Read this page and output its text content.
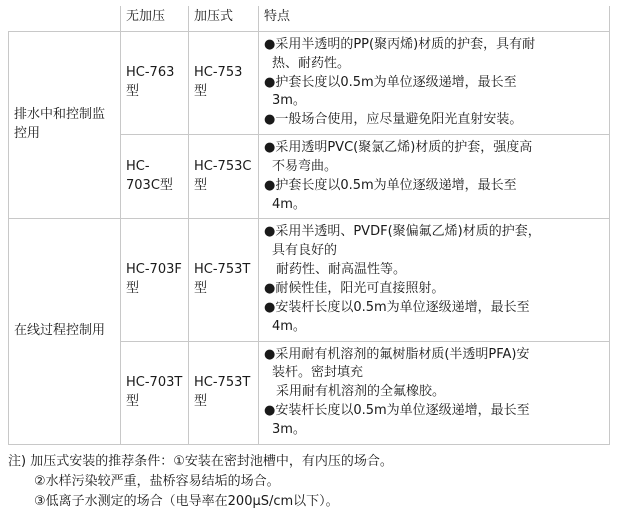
	无加压	加压式	特点
排水中和控制监控用	HC-763型	HC-753型	●采用半透明的PP(聚丙烯)材质的护套，具有耐
热、耐药性。
●护套长度以0.5m为单位逐级递增，最长至
3m。
●一般场合使用，应尽量避免阳光直射安装。

	HC-703C型	HC-753C型	●采用透明PVC(聚氯乙烯)材质的护套，强度高
不易弯曲。
●护套长度以0.5m为单位逐级递增，最长至
4m。

在线过程控制用	HC-703F型	HC-753T型	
●采用半透明、PVDF(聚偏氟乙烯)材质的护套，
具有良好的
耐药性、耐高温性等。
●耐候性佳，阳光可直接照射。
●安装杆长度以0.5m为单位逐级递增，最长至
4m。

	HC-703T型	HC-753T型	●采用耐有机溶剂的氟树脂材质(半透明PFA)安
装杆。密封填充
采用耐有机溶剂的全氟橡胶。
●安装杆长度以0.5m为单位逐级递增，最长至
3m。
注) 加压式安装的推荐条件：①安装在密封池槽中，有内压的场合。
②水样污染较严重，盐桥容易结垢的场合。
③低离子水测定的场合（电导率在200μS/cm以下）。
